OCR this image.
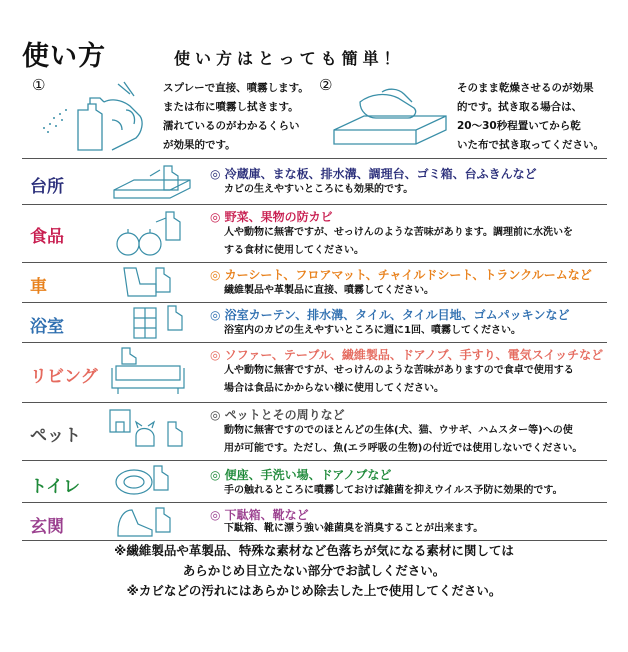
使い方	使い方はとっても簡単！
①	スプレーで直接、噴霧します。
または布に噴霧し拭きます。
濡れているのがわかるくらい
が効果的です。
②	そのまま乾燥させるのが効果
的です。拭き取る場合は、
20～30秒程置いてから乾
いた布で拭き取ってください。
台所
◎ 冷蔵庫、まな板、排水溝、調理台、ゴミ箱、台ふきんなど
カビの生えやすいところにも効果的です。
食品
◎ 野菜、果物の防カビ
人や動物に無害ですが、せっけんのような苦味があります。調理前に水洗いを
する食材に使用してください。
車
◎ カーシート、フロアマット、チャイルドシート、トランクルームなど
繊維製品や革製品に直接、噴霧してください。
浴室
◎ 浴室カーテン、排水溝、タイル、タイル目地、ゴムパッキンなど
浴室内のカビの生えやすいところに週に1回、噴霧してください。
リビング
◎ ソファー、テーブル、繊維製品、ドアノブ、手すり、電気スイッチなど
人や動物に無害ですが、せっけんのような苦味がありますので食卓で使用する
場合は食品にかからない様に使用してください。
ペット
◎ ペットとその周りなど
動物に無害ですのでのほとんどの生体(犬、猫、ウサギ、ハムスター等)への使
用が可能です。ただし、魚(エラ呼吸の生物)の付近では使用しないでください。
トイレ
◎ 便座、手洗い場、ドアノブなど
手の触れるところに噴霧しておけば雑菌を抑えウイルス予防に効果的です。
玄関
◎ 下駄箱、靴など
下駄箱、靴に漂う強い雑菌臭を消臭することが出来ます。
※繊維製品や革製品、特殊な素材など色落ちが気になる素材に関しては
あらかじめ目立たない部分でお試しください。
※カビなどの汚れにはあらかじめ除去した上で使用してください。
